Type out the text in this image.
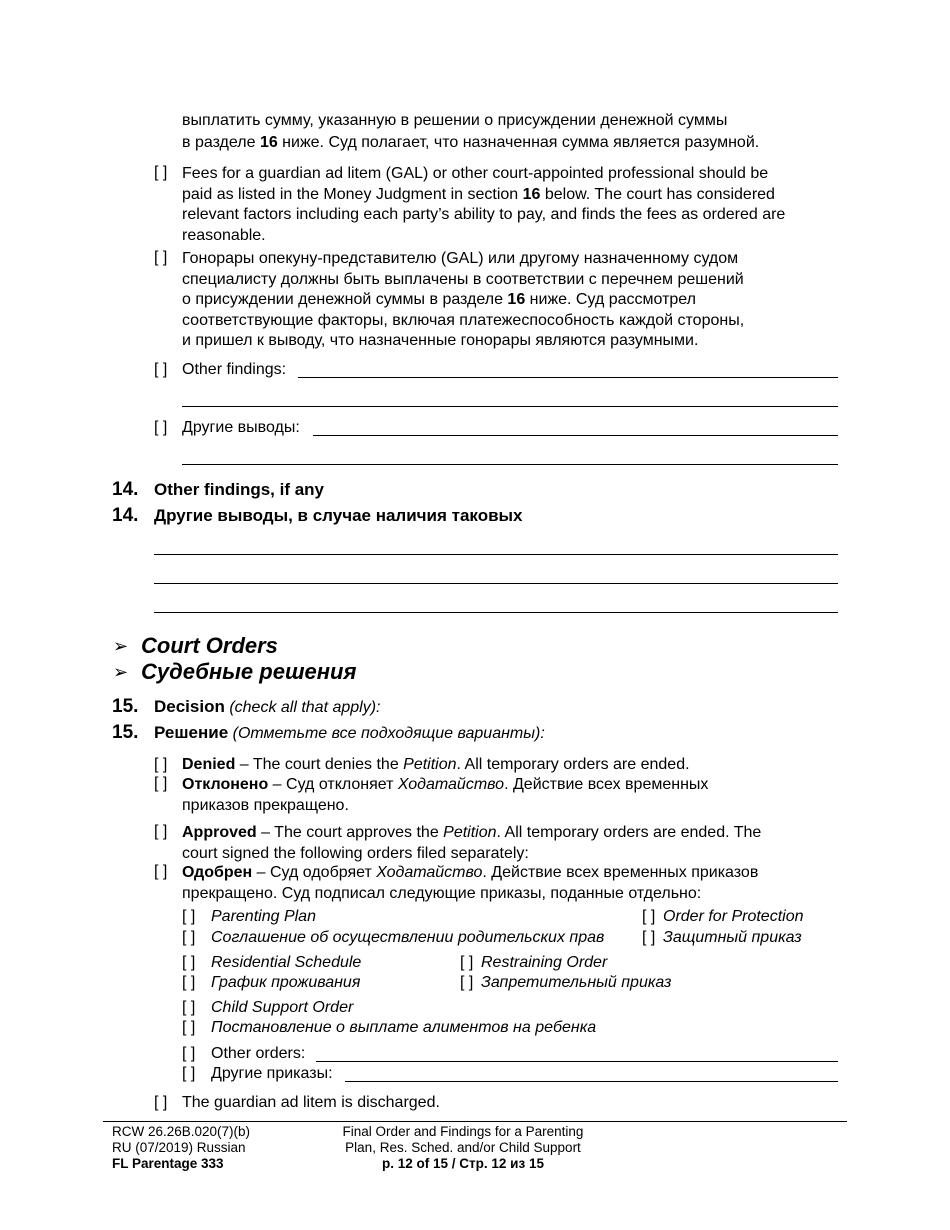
выплатить сумму, указанную в решении о присуждении денежной суммы
в разделе 16 ниже. Суд полагает, что назначенная сумма является разумной.
[ ] Fees for a guardian ad litem (GAL) or other court-appointed professional should be
paid as listed in the Money Judgment in section 16 below. The court has considered
relevant factors including each party’s ability to pay, and finds the fees as ordered are
reasonable.
[ ] Гонорары опекуну-представителю (GAL) или другому назначенному судом
специалисту должны быть выплачены в соответствии с перечнем решений
о присуждении денежной суммы в разделе 16 ниже. Суд рассмотрел
соответствующие факторы, включая платежеспособность каждой стороны,
и пришел к выводу, что назначенные гонорары являются разумными.
[ ] Other findings:
[ ] Другие выводы:
14. Other findings, if any
14. Другие выводы, в случае наличия таковых
➢ Court Orders
➢ Судебные решения
15. Decision (check all that apply):
15. Решение (Отметьте все подходящие варианты):
[ ] Denied – The court denies the Petition. All temporary orders are ended.
[ ] Отклонено – Суд отклоняет Ходатайство. Действие всех временных
приказов прекращено.
[ ] Approved – The court approves the Petition. All temporary orders are ended. The
court signed the following orders filed separately:
[ ] Одобрен – Суд одобряет Ходатайство. Действие всех временных приказов
прекращено. Суд подписал следующие приказы, поданные отдельно:
[ ] Parenting Plan
[ ] Соглашение об осуществлении родительских прав
[ ] Order for Protection
[ ] Защитный приказ
[ ] Residential Schedule
[ ] График проживания
[ ] Restraining Order
[ ] Запретительный приказ
[ ] Child Support Order
[ ] Постановление о выплате алиментов на ребенка
[ ] Other orders:
[ ] Другие приказы:
[ ] The guardian ad litem is discharged.
RCW 26.26B.020(7)(b)
RU (07/2019) Russian
FL Parentage 333
Final Order and Findings for a Parenting
Plan, Res. Sched. and/or Child Support
p. 12 of 15 / Стр. 12 из 15
